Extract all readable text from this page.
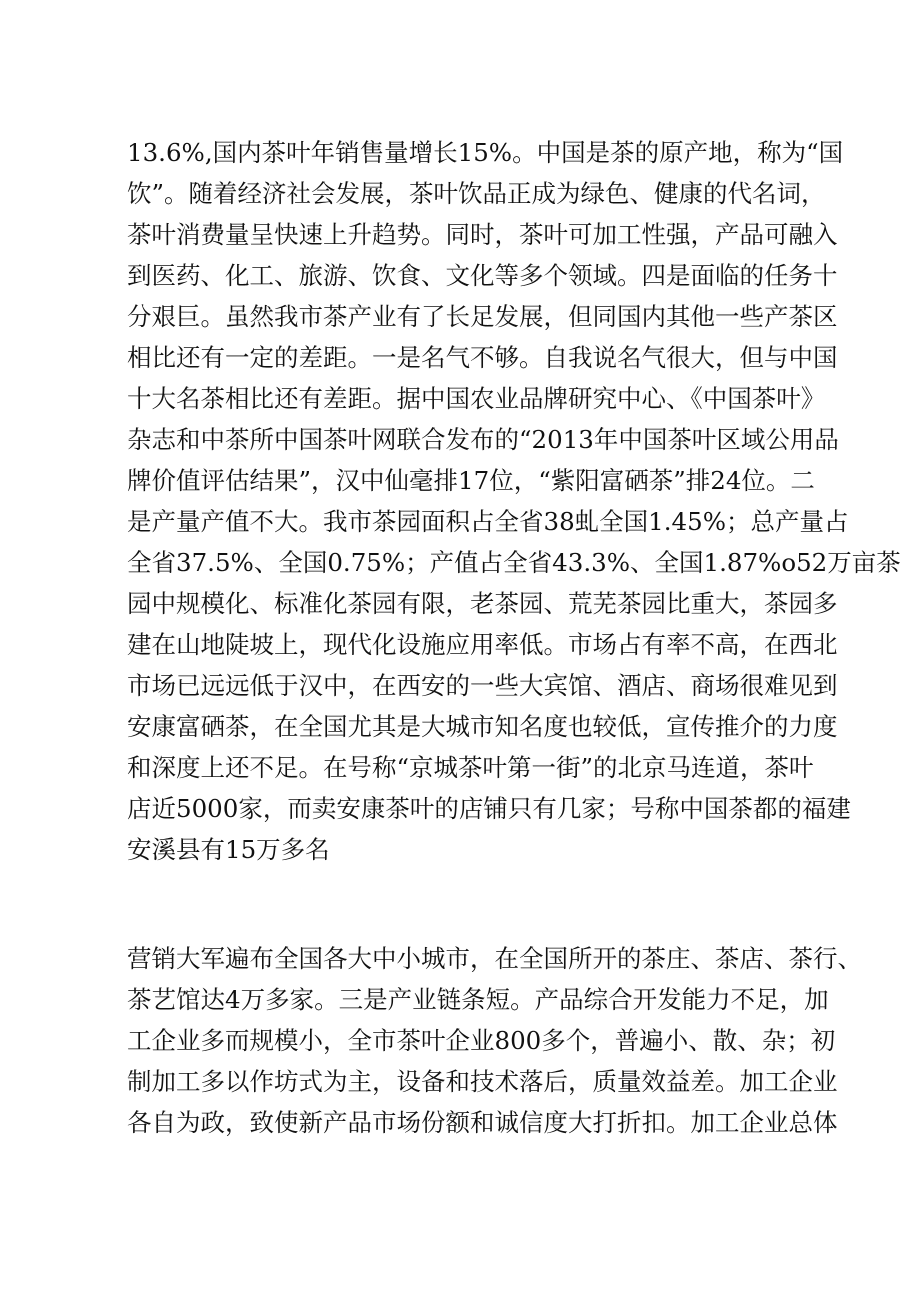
13.6%,国内茶叶年销售量增长15%。中国是茶的原产地，称为“国
饮”。随着经济社会发展，茶叶饮品正成为绿色、健康的代名词，
茶叶消费量呈快速上升趋势。同时，茶叶可加工性强，产品可融入
到医药、化工、旅游、饮食、文化等多个领域。四是面临的任务十
分艰巨。虽然我市茶产业有了长足发展，但同国内其他一些产茶区
相比还有一定的差距。一是名气不够。自我说名气很大，但与中国
十大名茶相比还有差距。据中国农业品牌研究中心、《中国茶叶》
杂志和中茶所中国茶叶网联合发布的“2013年中国茶叶区域公用品
牌价值评估结果”，汉中仙毫排17位，“紫阳富硒茶”排24位。二
是产量产值不大。我市茶园面积占全省38虬全国1.45%；总产量占
全省37.5%、全国0.75%；产值占全省43.3%、全国1.87%o52万亩茶
园中规模化、标准化茶园有限，老茶园、荒芜茶园比重大，茶园多
建在山地陡坡上，现代化设施应用率低。市场占有率不高，在西北
市场已远远低于汉中，在西安的一些大宾馆、酒店、商场很难见到
安康富硒茶，在全国尤其是大城市知名度也较低，宣传推介的力度
和深度上还不足。在号称“京城茶叶第一街”的北京马连道，茶叶
店近5000家，而卖安康茶叶的店铺只有几家；号称中国茶都的福建
安溪县有15万多名
营销大军遍布全国各大中小城市，在全国所开的茶庄、茶店、茶行、
茶艺馆达4万多家。三是产业链条短。产品综合开发能力不足，加
工企业多而规模小，全市茶叶企业800多个，普遍小、散、杂；初
制加工多以作坊式为主，设备和技术落后，质量效益差。加工企业
各自为政，致使新产品市场份额和诚信度大打折扣。加工企业总体
